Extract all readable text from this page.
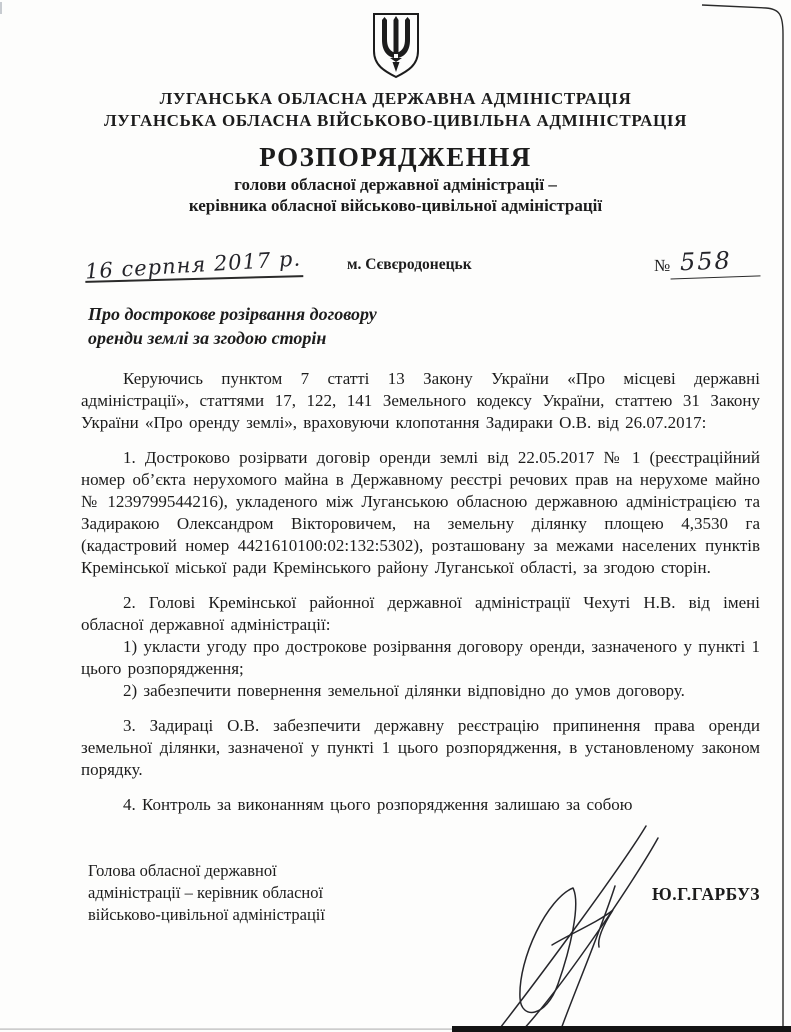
ЛУГАНСЬКА ОБЛАСНА ДЕРЖАВНА АДМІНІСТРАЦІЯ
ЛУГАНСЬКА ОБЛАСНА ВІЙСЬКОВО-ЦИВІЛЬНА АДМІНІСТРАЦІЯ
РОЗПОРЯДЖЕННЯ
голови обласної державної адміністрації –
керівника обласної військово-цивільної адміністрації
16 серпня 2017 р.	м. Сєвєродонецьк	№ 558
Про дострокове розірвання договору
оренди землі за згодою сторін

Керуючись пунктом 7 статті 13 Закону України «Про місцеві державні адміністрації», статтями 17, 122, 141 Земельного кодексу України, статтею 31 Закону України «Про оренду землі», враховуючи клопотання Задираки О.В. від 26.07.2017:

1. Достроково розірвати договір оренди землі від 22.05.2017 № 1 (реєстраційний номер об’єкта нерухомого майна в Державному реєстрі речових прав на нерухоме майно № 1239799544216), укладеного між Луганською обласною державною адміністрацією та Задиракою Олександром Вікторовичем, на земельну ділянку площею 4,3530 га (кадастровий номер 4421610100:02:132:5302), розташовану за межами населених пунктів Кремінської міської ради Кремінського району Луганської області, за згодою сторін.

2. Голові Кремінської районної державної адміністрації Чехуті Н.В. від імені обласної державної адміністрації:

1) укласти угоду про дострокове розірвання договору оренди, зазначеного у пункті 1 цього розпорядження;

2) забезпечити повернення земельної ділянки відповідно до умов договору.

3. Задираці О.В. забезпечити державну реєстрацію припинення права оренди земельної ділянки, зазначеної у пункті 1 цього розпорядження, в установленому законом порядку.

4. Контроль за виконанням цього розпорядження залишаю за собою

Голова обласної державної
адміністрації – керівник обласної
військово-цивільної адміністрації
Ю.Г.ГАРБУЗ
